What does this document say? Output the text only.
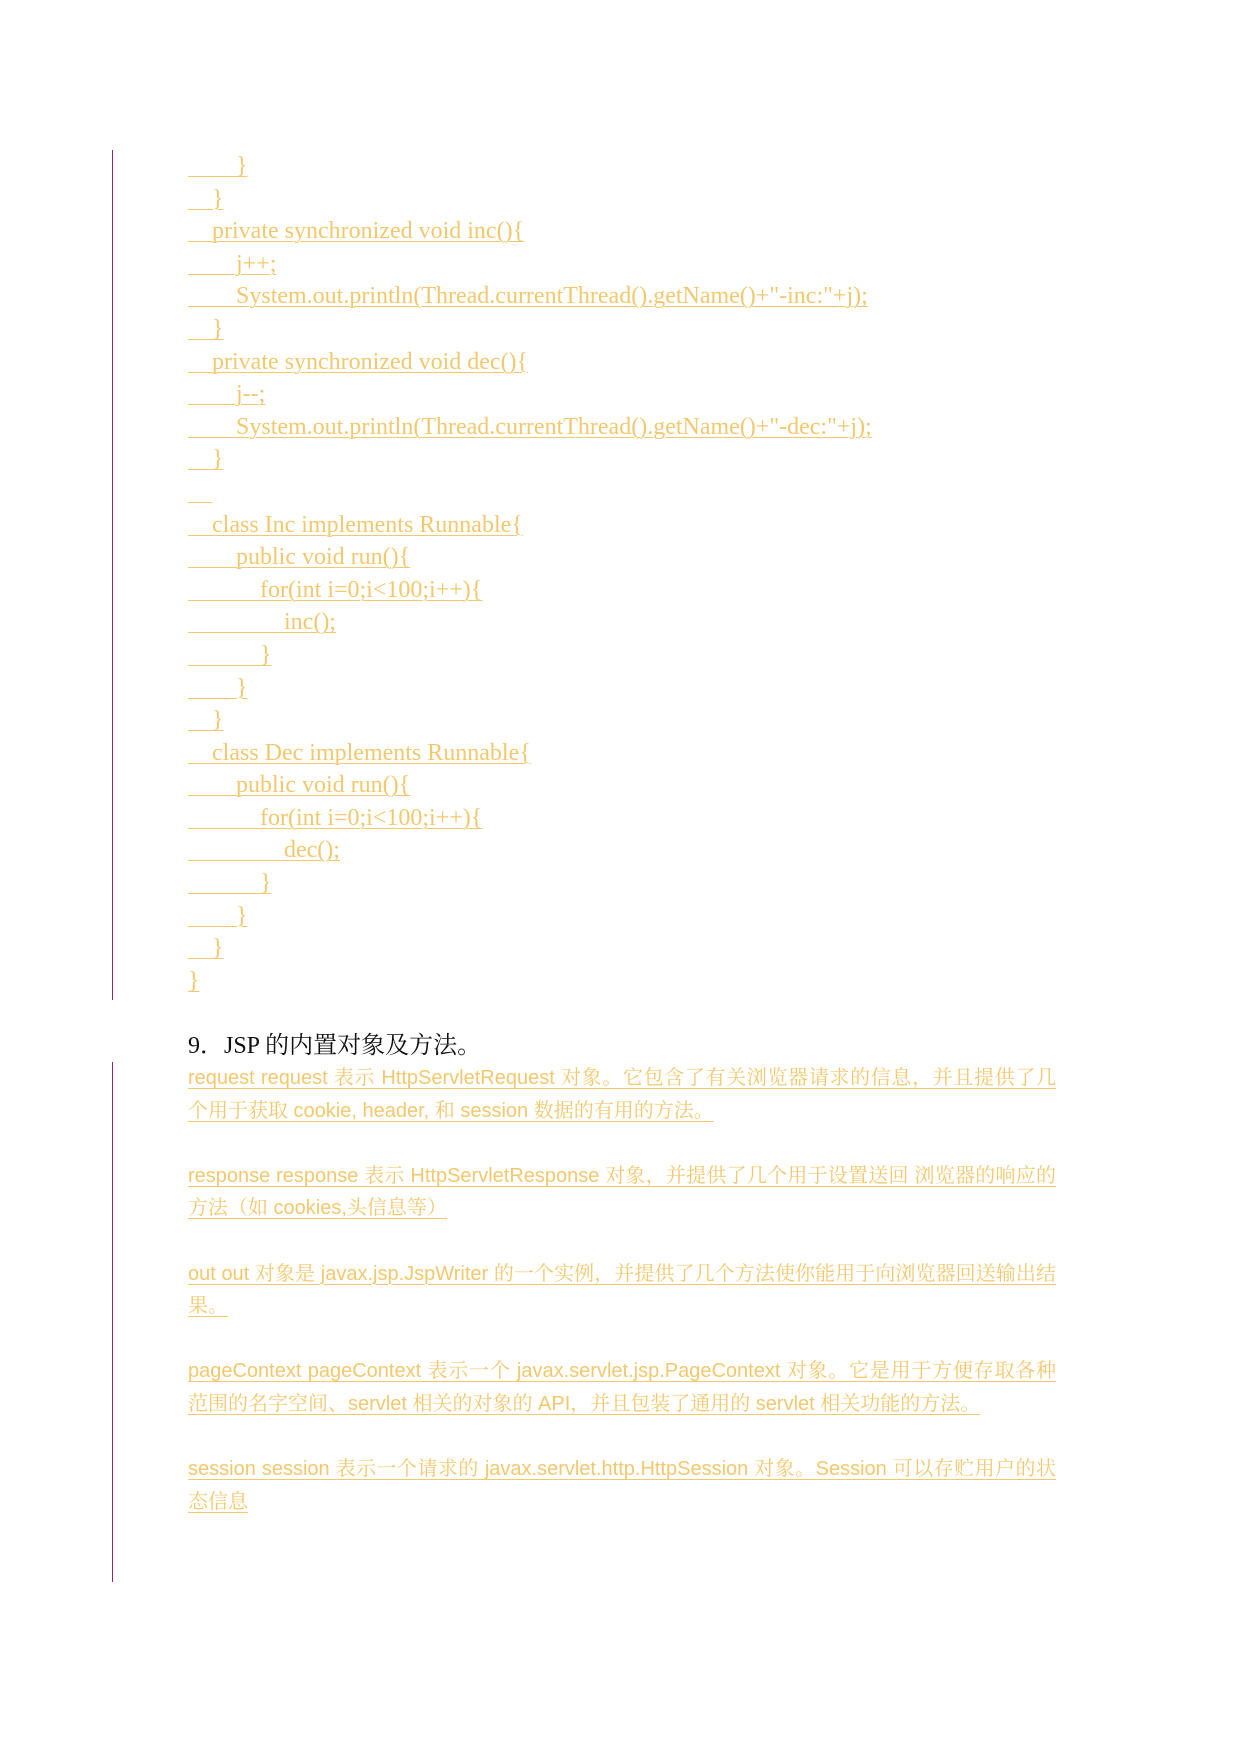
}
}
private synchronized void inc(){
j++;
System.out.println(Thread.currentThread().getName()+"-inc:"+j);
}
private synchronized void dec(){
j--;
System.out.println(Thread.currentThread().getName()+"-dec:"+j);
}

class Inc implements Runnable{
public void run(){
for(int i=0;i<100;i++){
inc();
}
}
}
class Dec implements Runnable{
public void run(){
for(int i=0;i<100;i++){
dec();
}
}
}
}
9．JSP 的内置对象及方法。

request request 表示 HttpServletRequest 对象。它包含了有关浏览器请求的信息，并且提供了几个用于获取 cookie, header, 和 session 数据的有用的方法。

response response 表示 HttpServletResponse 对象，并提供了几个用于设置送回 浏览器的响应的方法（如 cookies,头信息等）

out out 对象是 javax.jsp.JspWriter 的一个实例，并提供了几个方法使你能用于向浏览器回送输出结果。

pageContext pageContext 表示一个 javax.servlet.jsp.PageContext 对象。它是用于方便存取各种范围的名字空间、servlet 相关的对象的 API，并且包装了通用的 servlet 相关功能的方法。

session session 表示一个请求的 javax.servlet.http.HttpSession 对象。Session 可以存贮用户的状态信息
